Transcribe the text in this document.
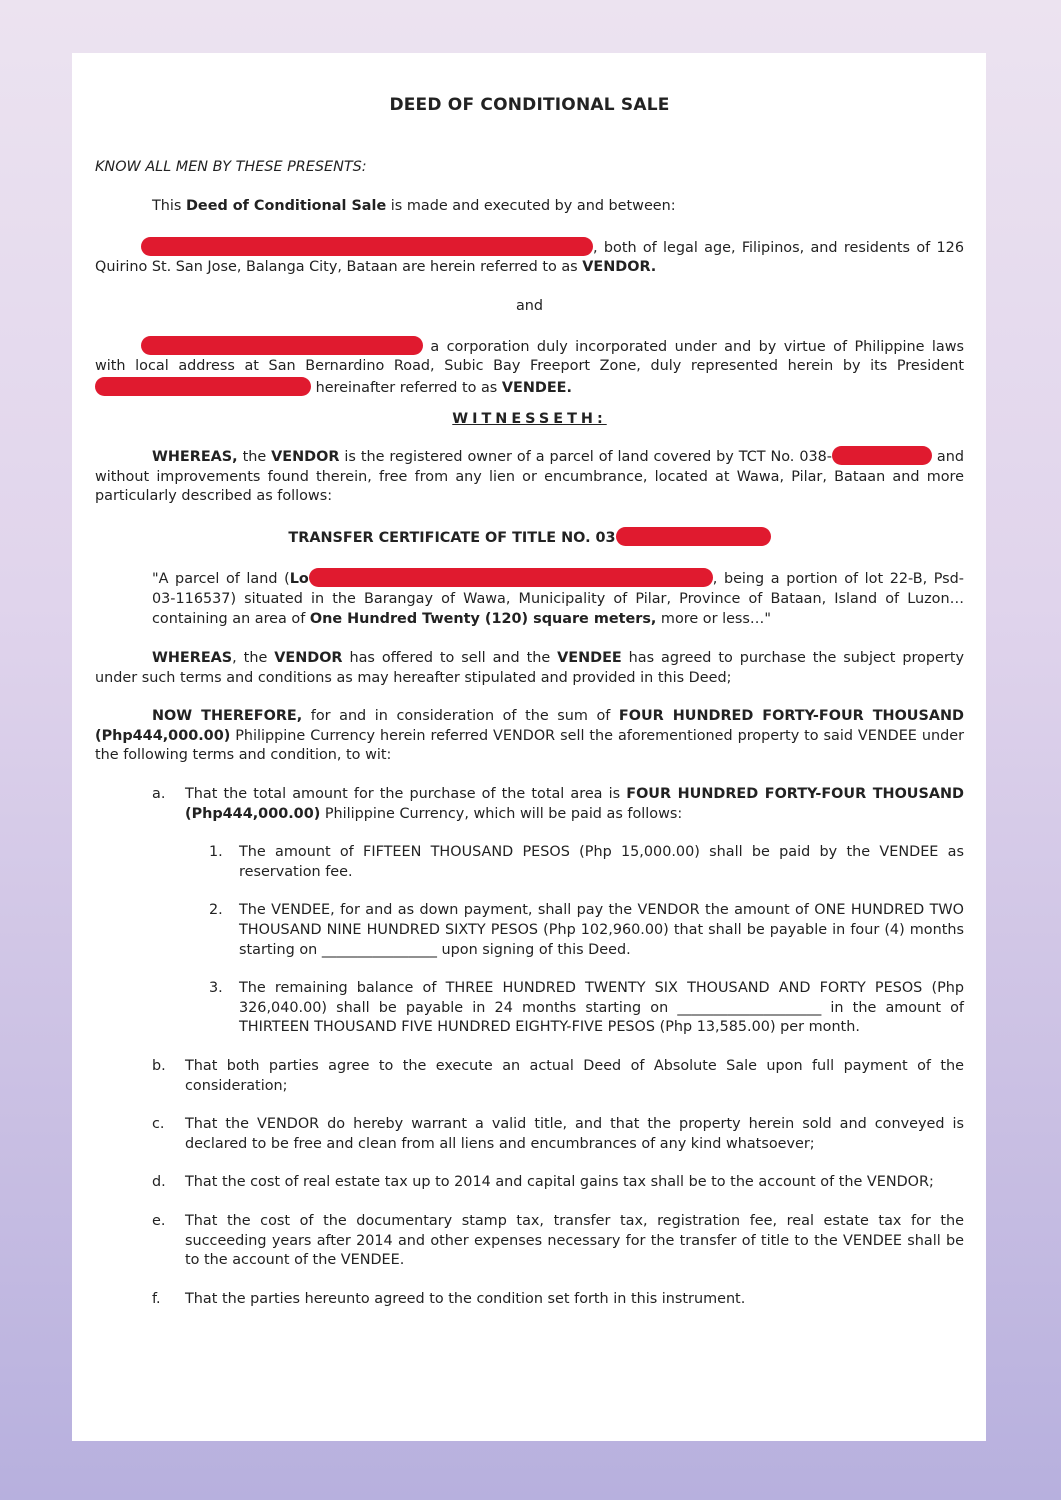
DEED OF CONDITIONAL SALE

KNOW ALL MEN BY THESE PRESENTS:

This Deed of Conditional Sale is made and executed by and between:

, both of legal age, Filipinos, and residents of 126 Quirino St. San Jose, Balanga City, Bataan are herein referred to as VENDOR.

and

a corporation duly incorporated under and by virtue of Philippine laws with local address at San Bernardino Road, Subic Bay Freeport Zone, duly represented herein by its President hereinafter referred to as VENDEE.

WITNESSETH:

WHEREAS, the VENDOR is the registered owner of a parcel of land covered by TCT No. 038-	and without improvements found therein, free from any lien or encumbrance, located at Wawa, Pilar, Bataan and more particularly described as follows:

TRANSFER CERTIFICATE OF TITLE NO. 03

"A parcel of land (Lo	, being a portion of lot 22-B, Psd-03-116537) situated in the Barangay of Wawa, Municipality of Pilar, Province of Bataan, Island of Luzon…containing an area of One Hundred Twenty (120) square meters, more or less…"

WHEREAS, the VENDOR has offered to sell and the VENDEE has agreed to purchase the subject property under such terms and conditions as may hereafter stipulated and provided in this Deed;

NOW THEREFORE, for and in consideration of the sum of FOUR HUNDRED FORTY-FOUR THOUSAND (Php444,000.00) Philippine Currency herein referred VENDOR sell the aforementioned property to said VENDEE under the following terms and condition, to wit:

a.	That the total amount for the purchase of the total area is FOUR HUNDRED FORTY-FOUR THOUSAND (Php444,000.00) Philippine Currency, which will be paid as follows:
1.	The amount of FIFTEEN THOUSAND PESOS (Php 15,000.00) shall be paid by the VENDEE as reservation fee.
2.	The VENDEE, for and as down payment, shall pay the VENDOR the amount of ONE HUNDRED TWO THOUSAND NINE HUNDRED SIXTY PESOS (Php 102,960.00) that shall be payable in four (4) months starting on ________________ upon signing of this Deed.
3.	The remaining balance of THREE HUNDRED TWENTY SIX THOUSAND AND FORTY PESOS (Php 326,040.00) shall be payable in 24 months starting on ____________________ in the amount of THIRTEEN THOUSAND FIVE HUNDRED EIGHTY-FIVE PESOS (Php 13,585.00) per month.
b.	That both parties agree to the execute an actual Deed of Absolute Sale upon full payment of the consideration;
c.	That the VENDOR do hereby warrant a valid title, and that the property herein sold and conveyed is declared to be free and clean from all liens and encumbrances of any kind whatsoever;
d.	That the cost of real estate tax up to 2014 and capital gains tax shall be to the account of the VENDOR;
e.	That the cost of the documentary stamp tax, transfer tax, registration fee, real estate tax for the succeeding years after 2014 and other expenses necessary for the transfer of title to the VENDEE shall be to the account of the VENDEE.
f.	That the parties hereunto agreed to the condition set forth in this instrument.
